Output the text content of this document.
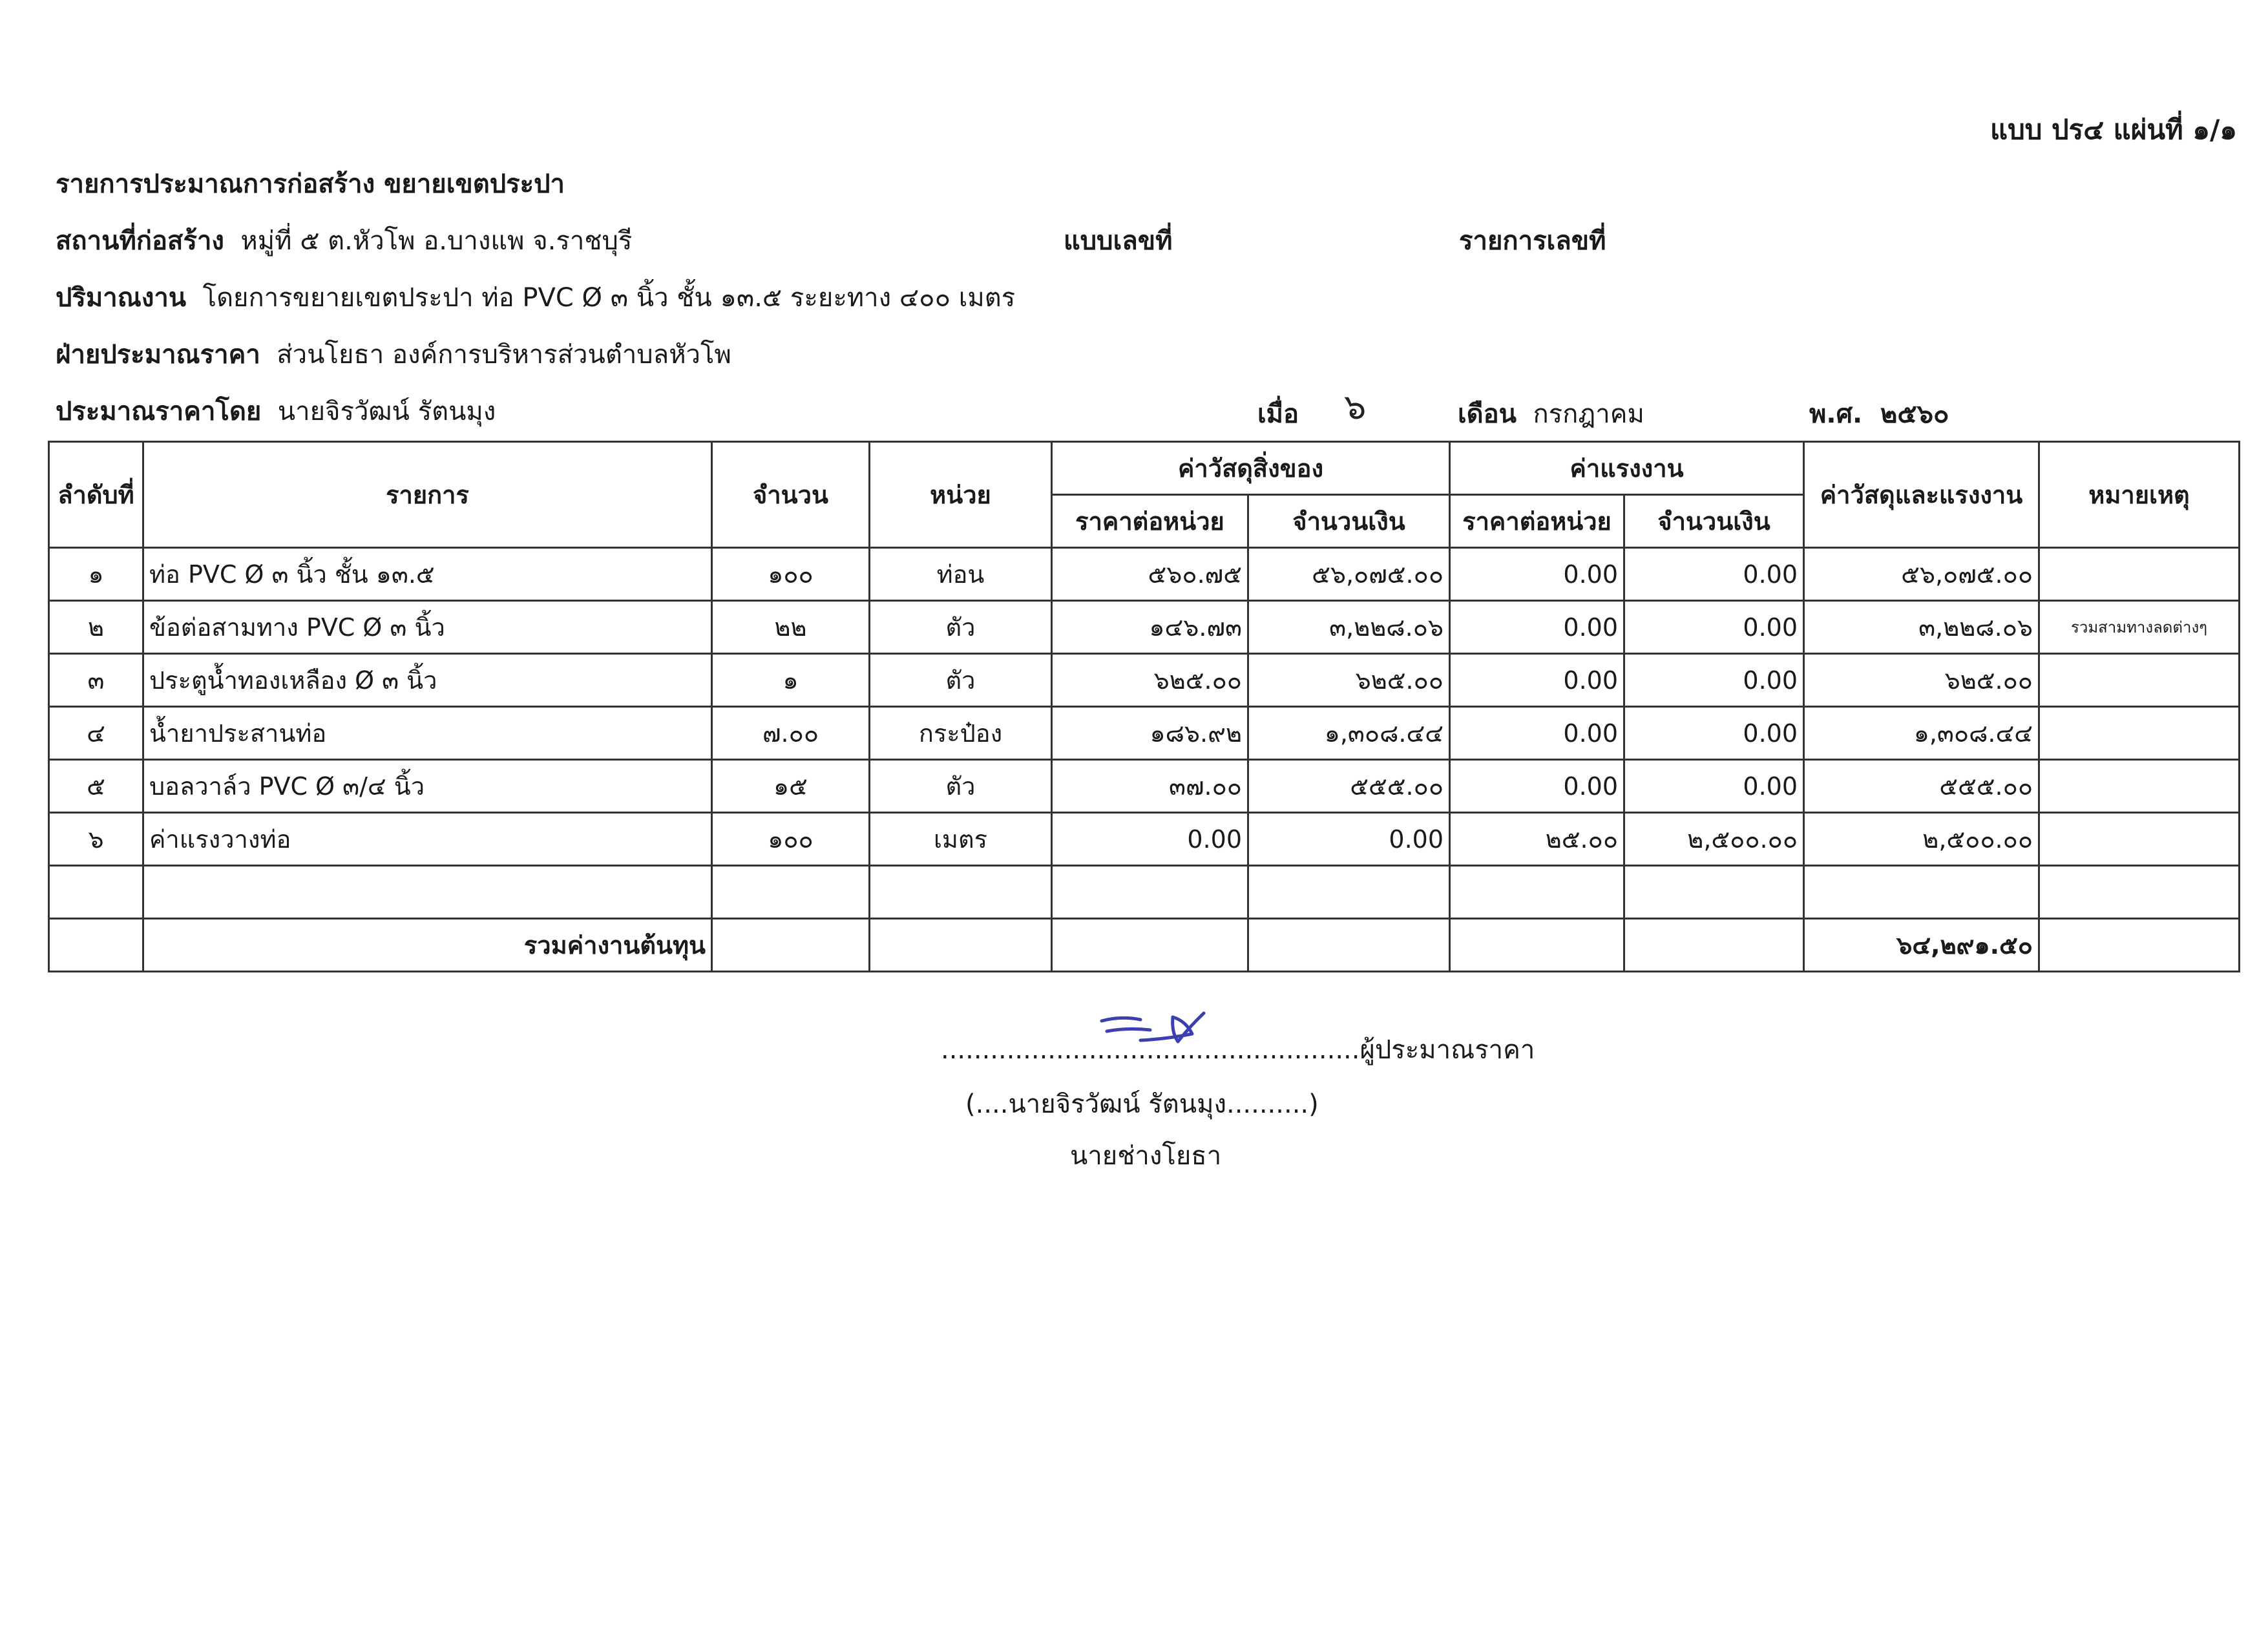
แบบ ปร๔ แผ่นที่ ๑/๑
รายการประมาณการก่อสร้าง ขยายเขตประปา
สถานที่ก่อสร้าง หมู่ที่ ๕ ต.หัวโพ อ.บางแพ จ.ราชบุรี	แบบเลขที่	รายการเลขที่
ปริมาณงาน โดยการขยายเขตประปา ท่อ PVC Ø ๓ นิ้ว ชั้น ๑๓.๕ ระยะทาง ๔๐๐ เมตร
ฝ่ายประมาณราคา ส่วนโยธา องค์การบริหารส่วนตำบลหัวโพ
ประมาณราคาโดย นายจิรวัฒน์ รัตนมุง	เมื่อ ๖	เดือน กรกฎาคม	พ.ศ. ๒๕๖๐
ลำดับที่	รายการ	จำนวน	หน่วย	ค่าวัสดุสิ่งของ		ค่าแรงงาน		ค่าวัสดุและแรงงาน	หมายเหตุ
				ราคาต่อหน่วย	จำนวนเงิน	ราคาต่อหน่วย	จำนวนเงิน		
๑	ท่อ PVC Ø ๓ นิ้ว ชั้น ๑๓.๕	๑๐๐	ท่อน	๕๖๐.๗๕	๕๖,๐๗๕.๐๐	0.00	0.00	๕๖,๐๗๕.๐๐	
๒	ข้อต่อสามทาง PVC Ø ๓ นิ้ว	๒๒	ตัว	๑๔๖.๗๓	๓,๒๒๘.๐๖	0.00	0.00	๓,๒๒๘.๐๖	รวมสามทางลดต่างๆ
๓	ประตูน้ำทองเหลือง Ø ๓ นิ้ว	๑	ตัว	๖๒๕.๐๐	๖๒๕.๐๐	0.00	0.00	๖๒๕.๐๐	
๔	น้ำยาประสานท่อ	๗.๐๐	กระป๋อง	๑๘๖.๙๒	๑,๓๐๘.๔๔	0.00	0.00	๑,๓๐๘.๔๔	
๕	บอลวาล์ว PVC Ø ๓/๔ นิ้ว	๑๕	ตัว	๓๗.๐๐	๕๕๕.๐๐	0.00	0.00	๕๕๕.๐๐	
๖	ค่าแรงวางท่อ	๑๐๐	เมตร	0.00	0.00	๒๕.๐๐	๒,๕๐๐.๐๐	๒,๕๐๐.๐๐	

	รวมค่างานต้นทุน							๖๔,๒๙๑.๕๐	
...................................................ผู้ประมาณราคา
(....นายจิรวัฒน์ รัตนมุง..........)
นายช่างโยธา
